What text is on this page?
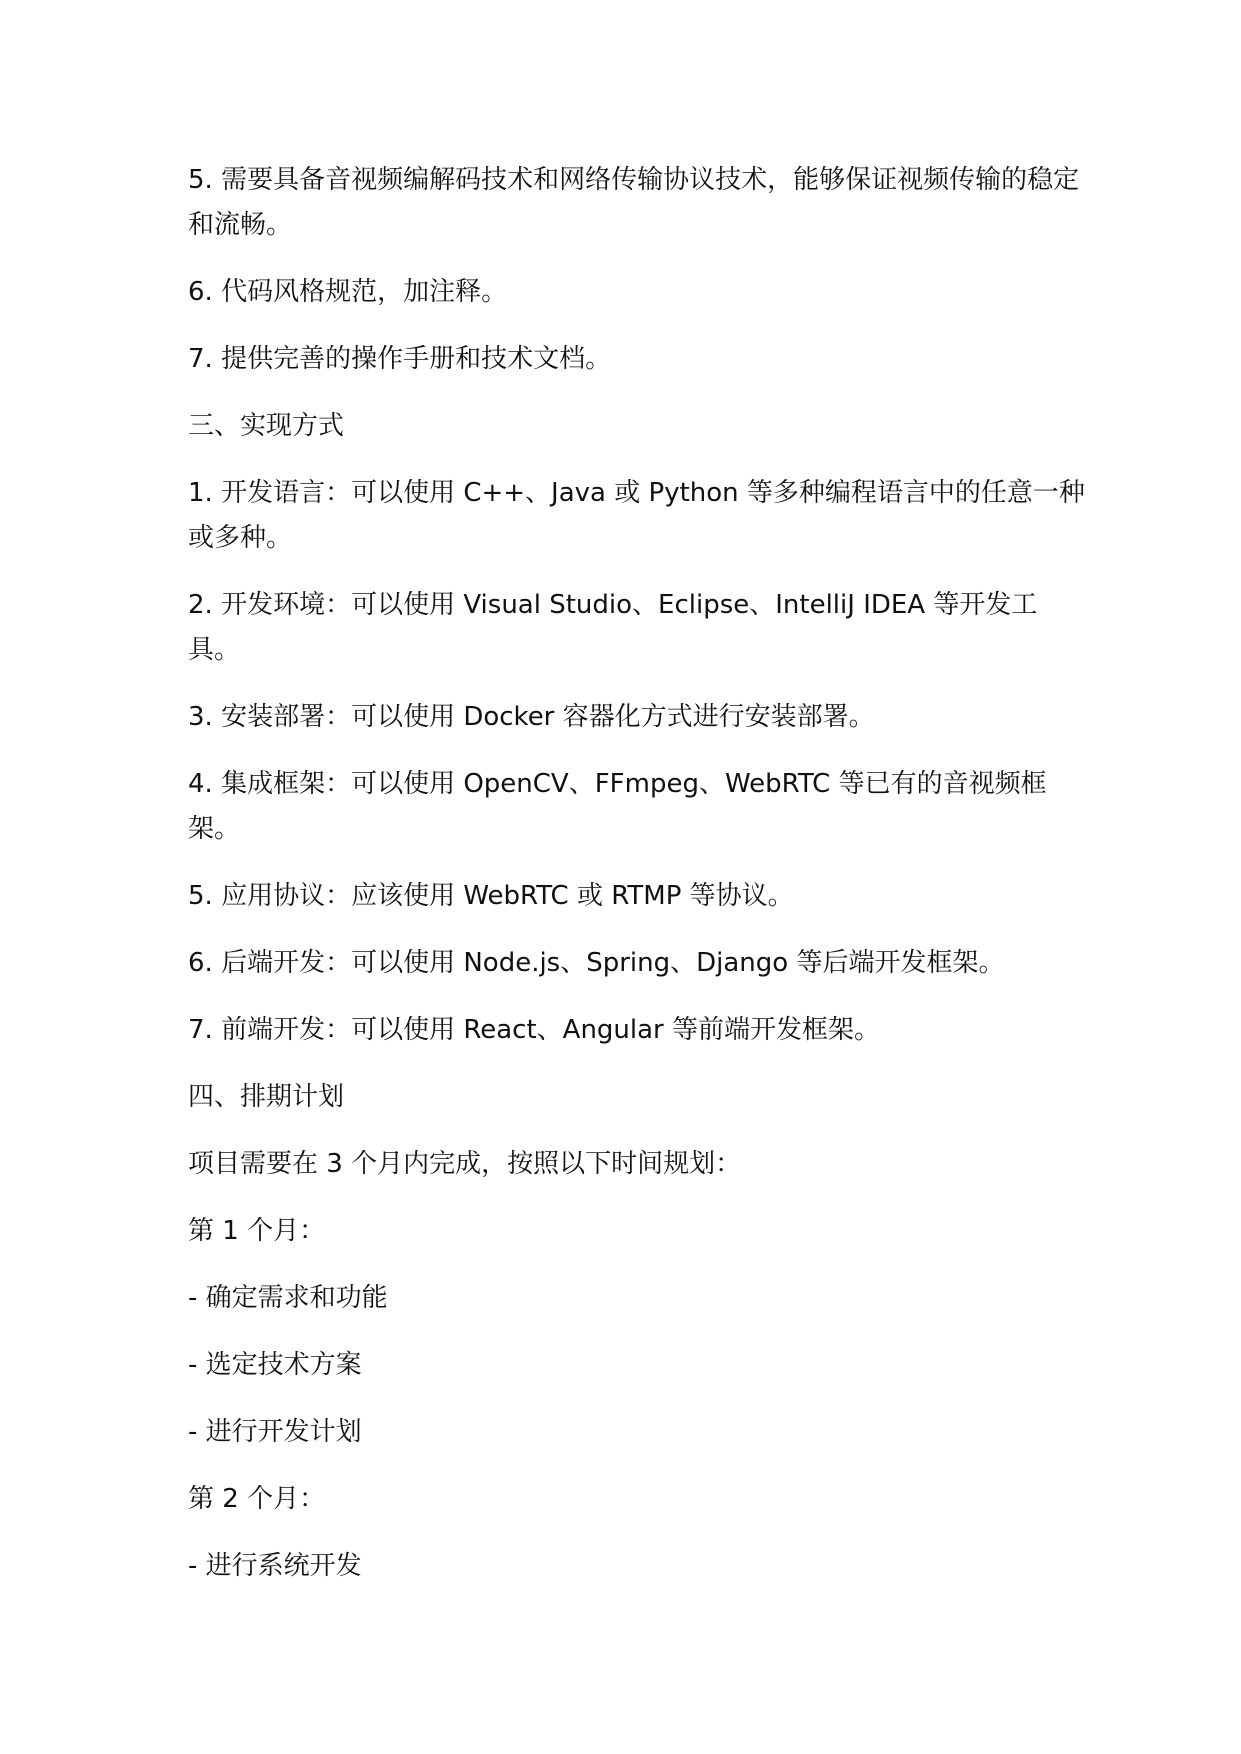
5. 需要具备音视频编解码技术和网络传输协议技术，能够保证视频传输的稳定和流畅。

6. 代码风格规范，加注释。

7. 提供完善的操作手册和技术文档。

三、实现方式

1. 开发语言：可以使用 C++、Java 或 Python 等多种编程语言中的任意一种或多种。

2. 开发环境：可以使用 Visual Studio、Eclipse、IntelliJ IDEA 等开发工具。

3. 安装部署：可以使用 Docker 容器化方式进行安装部署。

4. 集成框架：可以使用 OpenCV、FFmpeg、WebRTC 等已有的音视频框架。

5. 应用协议：应该使用 WebRTC 或 RTMP 等协议。

6. 后端开发：可以使用 Node.js、Spring、Django 等后端开发框架。

7. 前端开发：可以使用 React、Angular 等前端开发框架。

四、排期计划

项目需要在 3 个月内完成，按照以下时间规划：

第 1 个月：

- 确定需求和功能

- 选定技术方案

- 进行开发计划

第 2 个月：

- 进行系统开发
